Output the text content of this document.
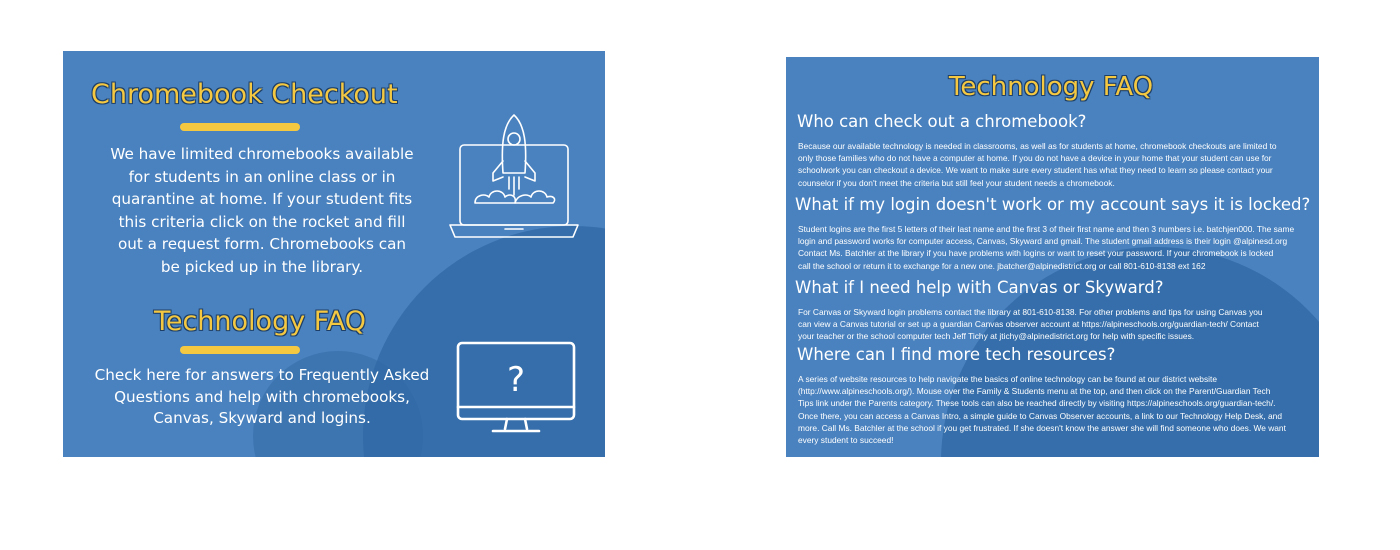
Chromebook Checkout
We have limited chromebooks available
for students in an online class or in
quarantine at home. If your student fits
this criteria click on the rocket and fill
out a request form. Chromebooks can
be picked up in the library.
Technology FAQ
Check here for answers to Frequently Asked
Questions and help with chromebooks,
Canvas, Skyward and logins.
?
Technology FAQ
Who can check out a chromebook?
Because our available technology is needed in classrooms, as well as for students at home, chromebook checkouts are limited to
only those families who do not have a computer at home. If you do not have a device in your home that your student can use for
schoolwork you can checkout a device. We want to make sure every student has what they need to learn so please contact your
counselor if you don't meet the criteria but still feel your student needs a chromebook.
What if my login doesn't work or my account says it is locked?
Student logins are the first 5 letters of their last name and the first 3 of their first name and then 3 numbers i.e. batchjen000. The same
login and password works for computer access, Canvas, Skyward and gmail. The student gmail address is their login @alpinesd.org
Contact Ms. Batchler at the library if you have problems with logins or want to reset your password. If your chromebook is locked
call the school or return it to exchange for a new one. jbatcher@alpinedistrict.org or call 801-610-8138 ext 162
What if I need help with Canvas or Skyward?
For Canvas or Skyward login problems contact the library at 801-610-8138. For other problems and tips for using Canvas you
can view a Canvas tutorial or set up a guardian Canvas observer account at https://alpineschools.org/guardian-tech/ Contact
your teacher or the school computer tech Jeff Tichy at jtichy@alpinedistrict.org for help with specific issues.
Where can I find more tech resources?
A series of website resources to help navigate the basics of online technology can be found at our district website
(http://www.alpineschools.org/). Mouse over the Family & Students menu at the top, and then click on the Parent/Guardian Tech
Tips link under the Parents category. These tools can also be reached directly by visiting https://alpineschools.org/guardian-tech/.
Once there, you can access a Canvas Intro, a simple guide to Canvas Observer accounts, a link to our Technology Help Desk, and
more. Call Ms. Batchler at the school if you get frustrated. If she doesn't know the answer she will find someone who does. We want
every student to succeed!
